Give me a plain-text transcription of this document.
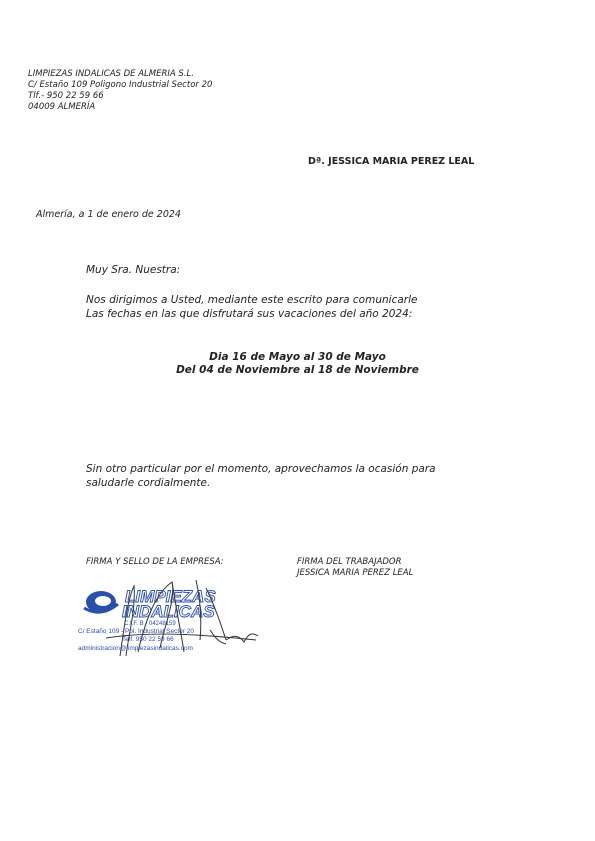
LIMPIEZAS INDALICAS DE ALMERIA S.L.
C/ Estaño 109 Poligono Industrial Sector 20
Tlf.- 950 22 59 66
04009 ALMERÍA
Dª. JESSICA MARIA PEREZ LEAL
Almería, a 1 de enero de 2024
Muy Sra. Nuestra:
Nos dirigimos a Usted, mediante este escrito para comunicarle
Las fechas en las que disfrutará sus vacaciones del año 2024:
Dia 16 de Mayo al 30 de Mayo
Del 04 de Noviembre al 18 de Noviembre
Sin otro particular por el momento, aprovechamos la ocasión para
saludarle cordialmente.
FIRMA Y SELLO DE LA EMPRESA:	FIRMA DEL TRABAJADOR
JESSICA MARIA PEREZ LEAL
LIMPIEZAS
INDALICAS
C.I.F. B - 04248159
C/ Estaño 109 - Pol. Industrial Sector 20
Telf. 950 22 59 66
administracion@limpiezasindalicas.com
